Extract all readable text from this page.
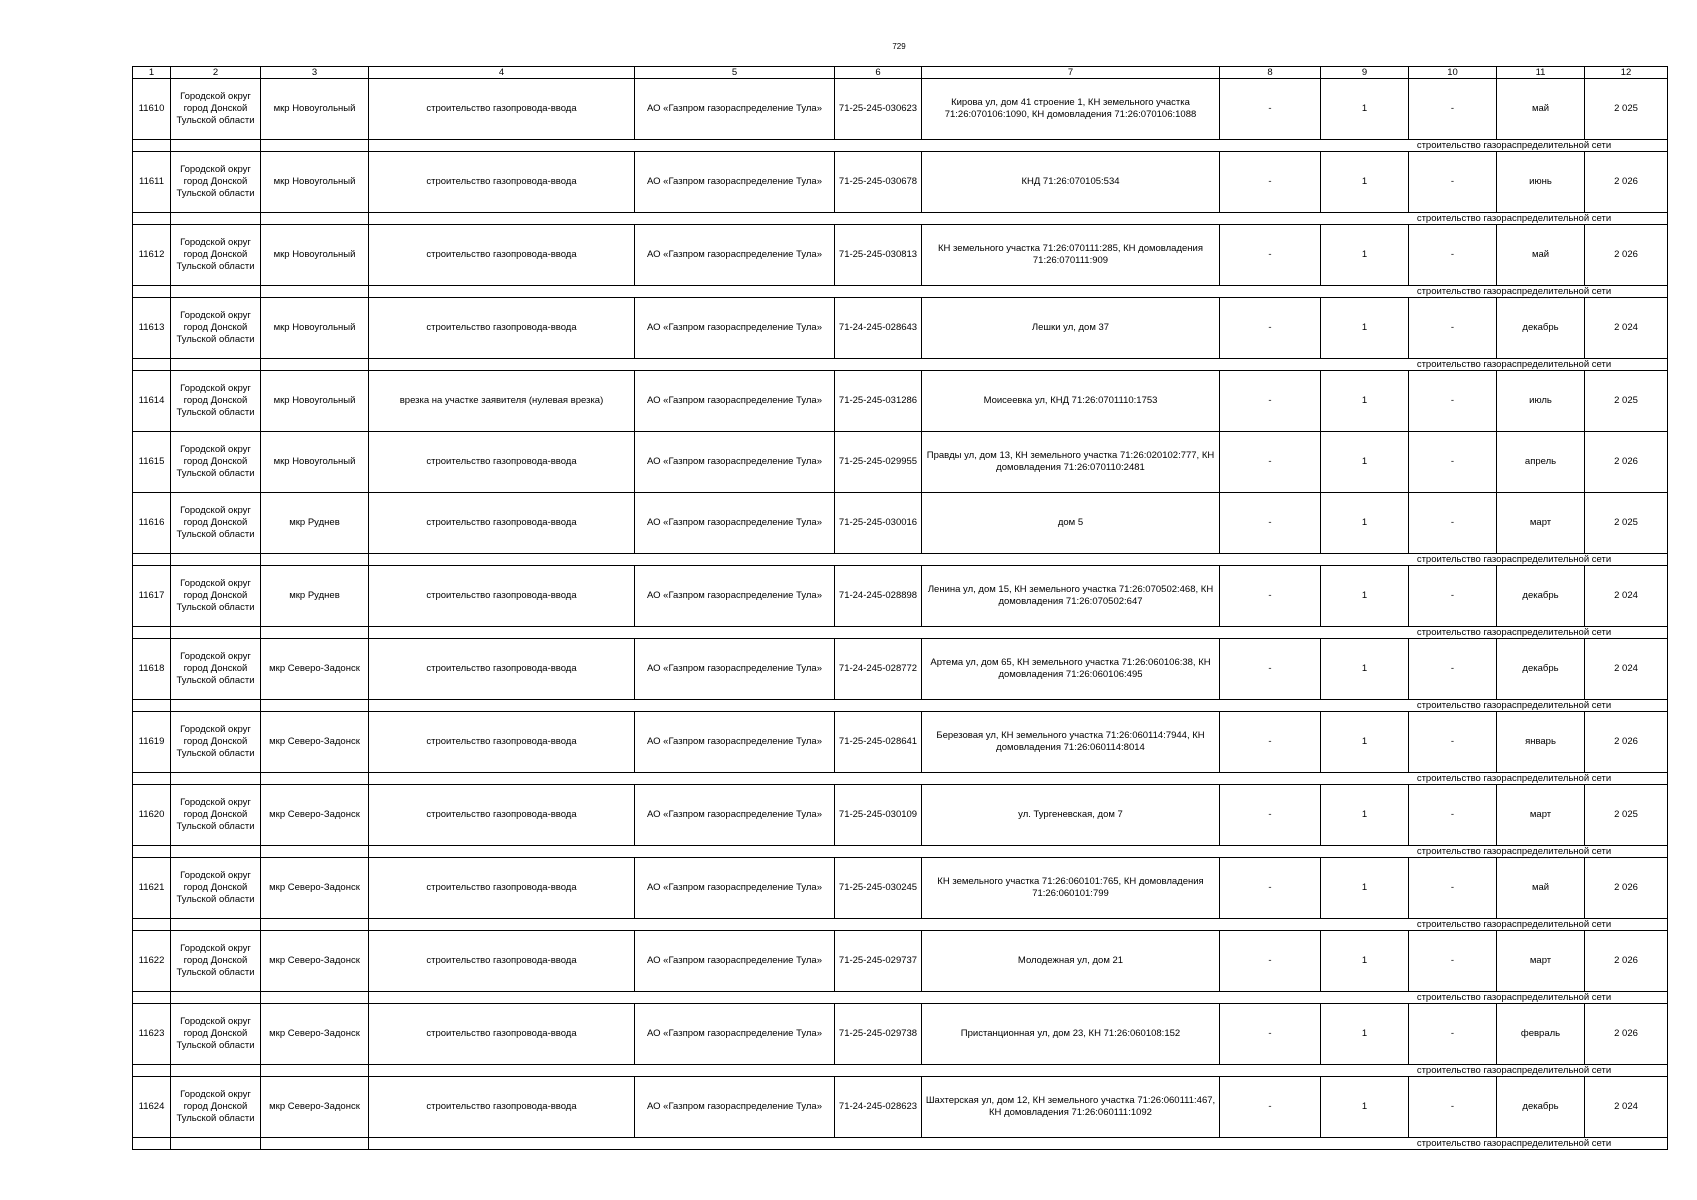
729
1	2	3	4	5	6	7	8	9	10	11	12
11610	Городской округ город Донской Тульской области	мкр Новоугольный	строительство газопровода-ввода	АО «Газпром газораспределение Тула»	71-25-245-030623	Кирова ул, дом 41 строение 1, КН земельного участка 71:26:070106:1090, КН домовладения 71:26:070106:1088	-	1	-	май	2 025
			строительство газораспределительной сети								
11611	Городской округ город Донской Тульской области	мкр Новоугольный	строительство газопровода-ввода	АО «Газпром газораспределение Тула»	71-25-245-030678	КНД 71:26:070105:534	-	1	-	июнь	2 026
			строительство газораспределительной сети								
11612	Городской округ город Донской Тульской области	мкр Новоугольный	строительство газопровода-ввода	АО «Газпром газораспределение Тула»	71-25-245-030813	КН земельного участка 71:26:070111:285, КН домовладения 71:26:070111:909	-	1	-	май	2 026
			строительство газораспределительной сети								
11613	Городской округ город Донской Тульской области	мкр Новоугольный	строительство газопровода-ввода	АО «Газпром газораспределение Тула»	71-24-245-028643	Лешки ул, дом 37	-	1	-	декабрь	2 024
			строительство газораспределительной сети								
11614	Городской округ город Донской Тульской области	мкр Новоугольный	врезка на участке заявителя (нулевая врезка)	АО «Газпром газораспределение Тула»	71-25-245-031286	Моисеевка ул, КНД 71:26:0701110:1753	-	1	-	июль	2 025
11615	Городской округ город Донской Тульской области	мкр Новоугольный	строительство газопровода-ввода	АО «Газпром газораспределение Тула»	71-25-245-029955	Правды ул, дом 13, КН земельного участка 71:26:020102:777, КН домовладения 71:26:070110:2481	-	1	-	апрель	2 026
11616	Городской округ город Донской Тульской области	мкр Руднев	строительство газопровода-ввода	АО «Газпром газораспределение Тула»	71-25-245-030016	дом 5	-	1	-	март	2 025
			строительство газораспределительной сети								
11617	Городской округ город Донской Тульской области	мкр Руднев	строительство газопровода-ввода	АО «Газпром газораспределение Тула»	71-24-245-028898	Ленина ул, дом 15, КН земельного участка 71:26:070502:468, КН домовладения 71:26:070502:647	-	1	-	декабрь	2 024
			строительство газораспределительной сети								
11618	Городской округ город Донской Тульской области	мкр Северо-Задонск	строительство газопровода-ввода	АО «Газпром газораспределение Тула»	71-24-245-028772	Артема ул, дом 65, КН земельного участка 71:26:060106:38, КН домовладения 71:26:060106:495	-	1	-	декабрь	2 024
			строительство газораспределительной сети								
11619	Городской округ город Донской Тульской области	мкр Северо-Задонск	строительство газопровода-ввода	АО «Газпром газораспределение Тула»	71-25-245-028641	Березовая ул, КН земельного участка 71:26:060114:7944, КН домовладения 71:26:060114:8014	-	1	-	январь	2 026
			строительство газораспределительной сети								
11620	Городской округ город Донской Тульской области	мкр Северо-Задонск	строительство газопровода-ввода	АО «Газпром газораспределение Тула»	71-25-245-030109	ул. Тургеневская, дом 7	-	1	-	март	2 025
			строительство газораспределительной сети								
11621	Городской округ город Донской Тульской области	мкр Северо-Задонск	строительство газопровода-ввода	АО «Газпром газораспределение Тула»	71-25-245-030245	КН земельного участка 71:26:060101:765, КН домовладения 71:26:060101:799	-	1	-	май	2 026
			строительство газораспределительной сети								
11622	Городской округ город Донской Тульской области	мкр Северо-Задонск	строительство газопровода-ввода	АО «Газпром газораспределение Тула»	71-25-245-029737	Молодежная ул, дом 21	-	1	-	март	2 026
			строительство газораспределительной сети								
11623	Городской округ город Донской Тульской области	мкр Северо-Задонск	строительство газопровода-ввода	АО «Газпром газораспределение Тула»	71-25-245-029738	Пристанционная ул, дом 23, КН 71:26:060108:152	-	1	-	февраль	2 026
			строительство газораспределительной сети								
11624	Городской округ город Донской Тульской области	мкр Северо-Задонск	строительство газопровода-ввода	АО «Газпром газораспределение Тула»	71-24-245-028623	Шахтерская ул, дом 12, КН земельного участка 71:26:060111:467, КН домовладения 71:26:060111:1092	-	1	-	декабрь	2 024
			строительство газораспределительной сети								
